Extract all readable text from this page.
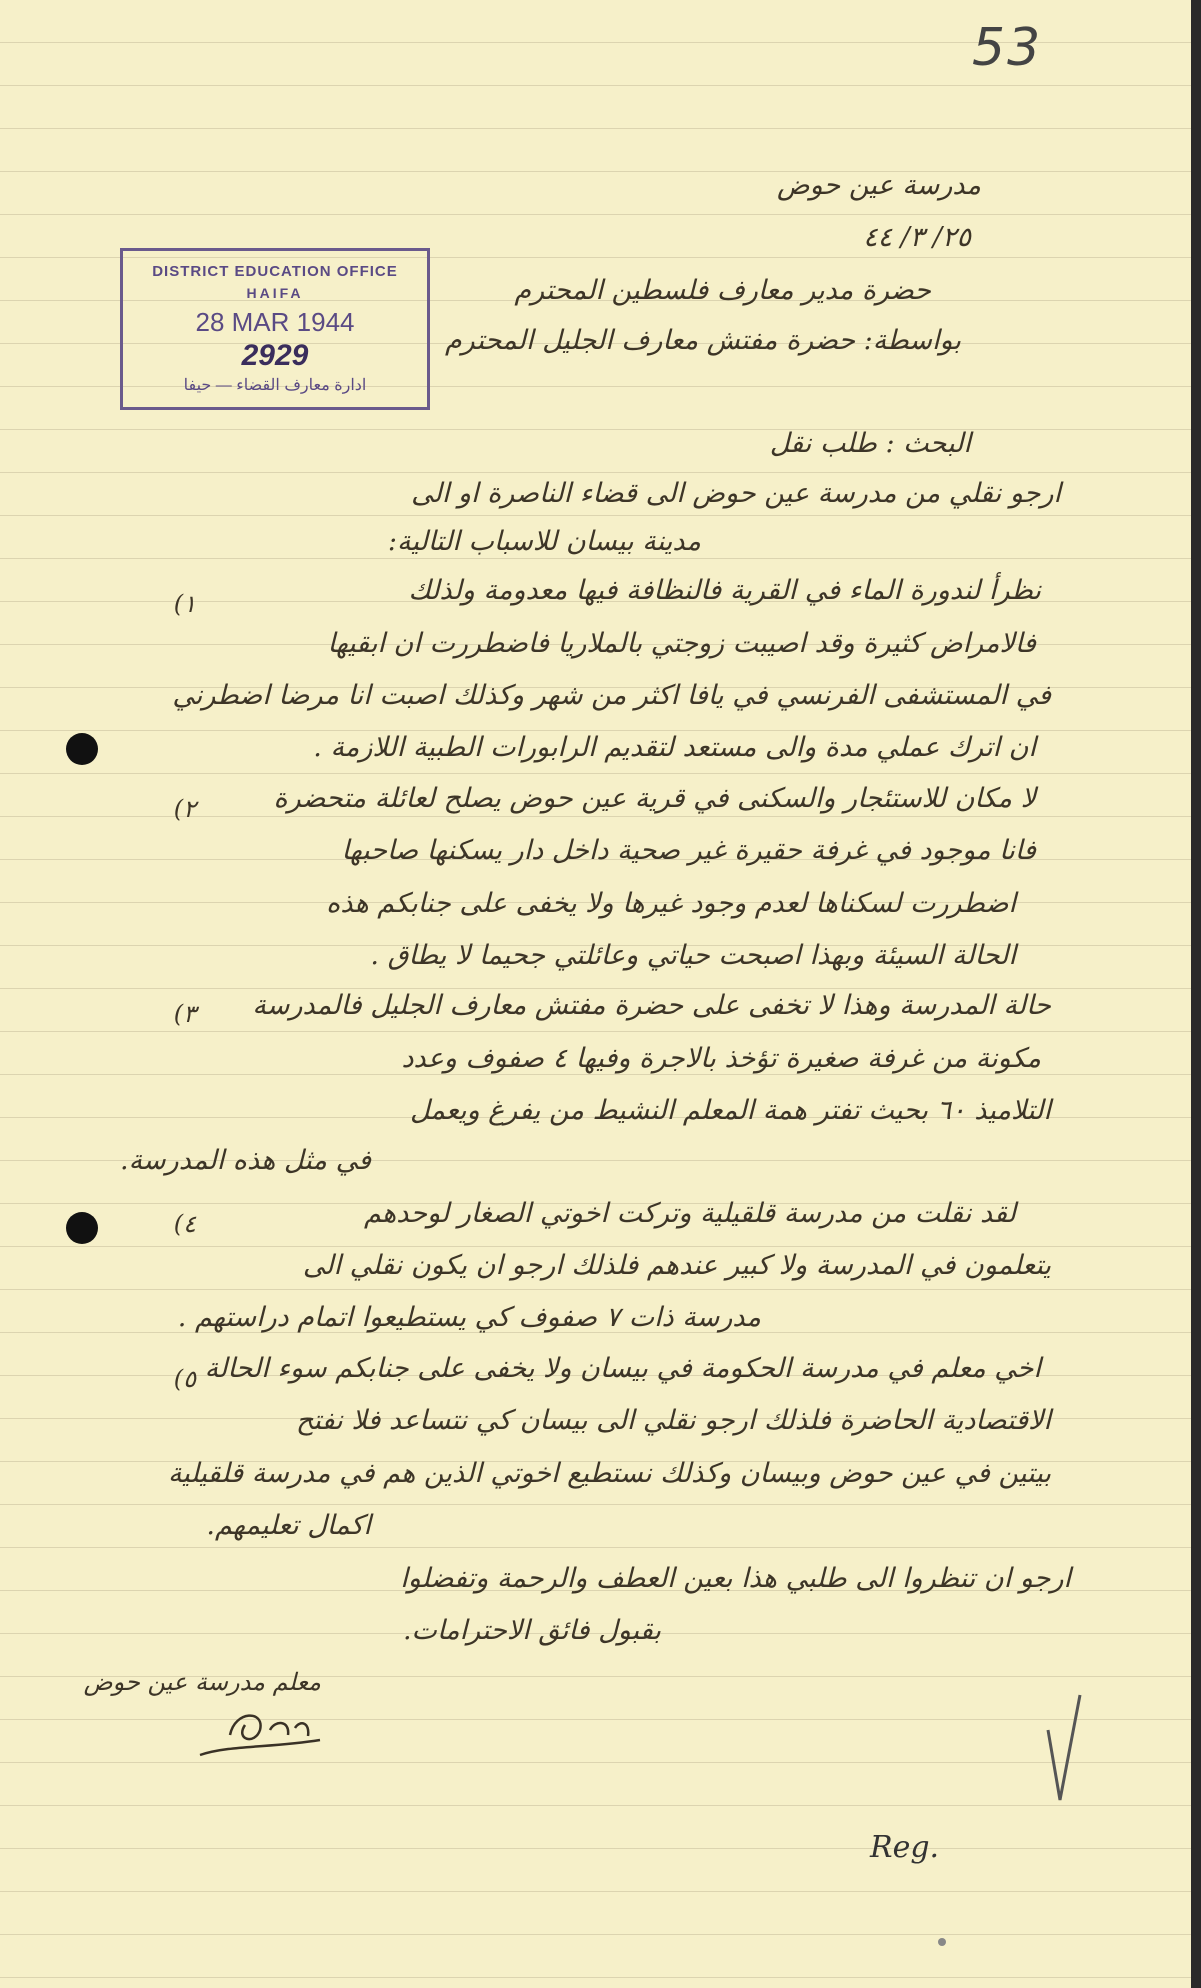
53
DISTRICT EDUCATION OFFICE
HAIFA
28 MAR 1944
2929
ادارة معارف القضاء — حيفا
مدرسة عين حوض
٢٥/ ٣/ ٤٤
حضرة مدير معارف فلسطين المحترم
بواسطة: حضرة مفتش معارف الجليل المحترم
البحث : طلب نقل
ارجو نقلي من مدرسة عين حوض الى قضاء الناصرة او الى
مدينة بيسان للاسباب التالية:
١)	نظرأ لندورة الماء في القرية فالنظافة فيها معدومة ولذلك
فالامراض كثيرة وقد اصيبت زوجتي بالملاريا فاضطررت ان ابقيها
في المستشفى الفرنسي في يافا اكثر من شهر وكذلك اصبت انا مرضا اضطرني
ان اترك عملي مدة والى مستعد لتقديم الرابورات الطبية اللازمة .
٢)	لا مكان للاستئجار والسكنى في قرية عين حوض يصلح لعائلة متحضرة
فانا موجود في غرفة حقيرة غير صحية داخل دار يسكنها صاحبها
اضطررت لسكناها لعدم وجود غيرها ولا يخفى على جنابكم هذه
الحالة السيئة وبهذا اصبحت حياتي وعائلتي جحيما لا يطاق .
٣) حالة المدرسة وهذا لا تخفى على حضرة مفتش معارف الجليل فالمدرسة
مكونة من غرفة صغيرة تؤخذ بالاجرة وفيها ٤ صفوف وعدد
التلاميذ ٦٠ بحيث تفتر همة المعلم النشيط من يفرغ ويعمل
في مثل هذه المدرسة.
٤)	لقد نقلت من مدرسة قلقيلية وتركت اخوتي الصغار لوحدهم
يتعلمون في المدرسة ولا كبير عندهم فلذلك ارجو ان يكون نقلي الى
مدرسة ذات ٧ صفوف كي يستطيعوا اتمام دراستهم .
٥) اخي معلم في مدرسة الحكومة في بيسان ولا يخفى على جنابكم سوء الحالة
الاقتصادية الحاضرة فلذلك ارجو نقلي الى بيسان كي نتساعد فلا نفتح
بيتين في عين حوض وبيسان وكذلك نستطيع اخوتي الذين هم في مدرسة قلقيلية
اكمال تعليمهم.
ارجو ان تنظروا الى طلبي هذا بعين العطف والرحمة وتفضلوا
بقبول فائق الاحترامات.
معلم مدرسة عين حوض
Reg.
